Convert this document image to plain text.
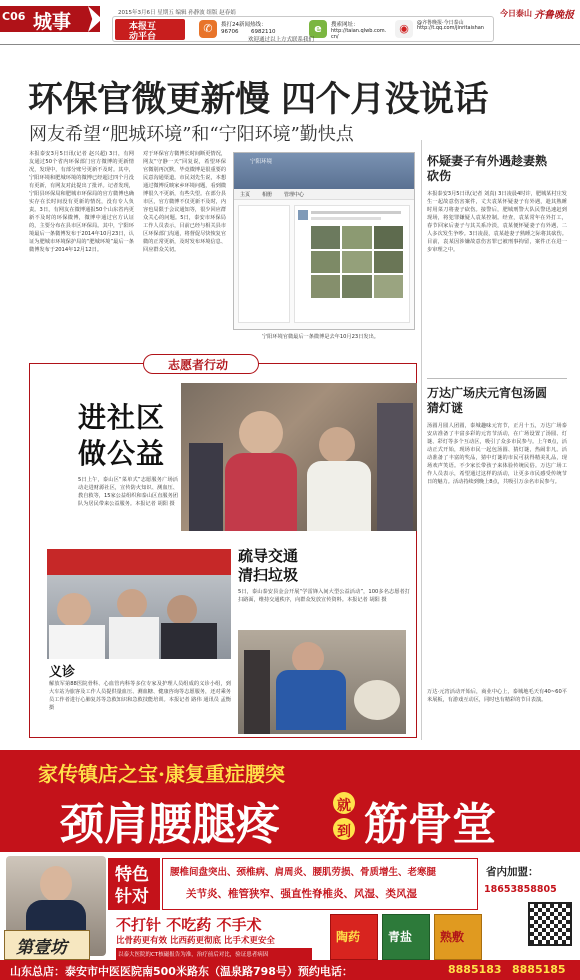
C06 城事	2015年3月6日 星期五 编辑 孙静波 组版 赵春娟
本报互
动平台
✆	拨打24新闻热线：
96706 6982110	e	搜索网址：
http://taian.qlwb.com.cn/
◉	@齐鲁晚报·今日泰山
http://t.qq.com/jinritaishan
欢迎通过以上方式联系我们
今日泰山 齐鲁晚报
环保官微更新慢 四个月没说话
网友希望“肥城环境”和“宁阳环境”勤快点
本报泰安3月5日讯(记者 赵兴超) 3日，有网友通过50个省内环保部门官方微博的更新情况，发现中，有部分账号更新不及时。其中，宁阳环境和肥城环境的微博已经超过四个月没有更新，有网友对此提出了批评。记者发现，宁阳县环保局和肥城市环保局的官方微博也确实存在长时间没有更新的情况，没有专人负责。3日，有网友在微博通报50个山东省内更新不及时的环保微博，微博中通过官方认证的，主要分布在县市区环保局。其中，宁阳环境最后一条微博发布于2014年10月23日，认证为肥城市环境保护局的“肥城环境”最后一条微博发布于2014年12月12日。
对于环保官方微博长时间断更情况，网友“守静一天”回复说，希望环保官微别再沉默，毕竟微博是很重要的民意沟通渠道。市民刘先生说，本想通过微博反映家乡环境问题，看到微博很久不更新，有些失望。在部分县市区，官方微博不仅更新不及时，内容也局限于会议通知等，很少回应群众关心的问题。5日，泰安市环保局工作人员表示，目前已经与相关县市区环保部门沟通，将督促尽快恢复官微的正常更新，及时发布环境信息、回应群众关切。
宁阳环境
主页 相册 管理中心
宁阳环境官微最后一条微博是去年10月23日发出。
怀疑妻子有外遇趁妻熟砍伤
本报泰安3月5日讯(记者 刘真) 3日凌晨4时许，肥城某村庄发生一起故意伤害案件，丈夫袁某怀疑妻子有外遇，趁其熟睡时用菜刀将妻子砍伤。接警后，肥城刑警大队民警迅速赶到现场，将犯罪嫌疑人袁某控制。经查，袁某常年在外打工，春节回家后妻子与其关系冷淡，袁某便怀疑妻子有外遇，二人多次发生争吵。3日凌晨，袁某趁妻子熟睡之际将其砍伤。目前，袁某因涉嫌故意伤害罪已被刑事拘留，案件正在进一步审理之中。
万达广场庆元宵包汤圆猜灯谜
汤圆月圆人团圆，泰城趣味元宵节，正月十五，万达广场泰安店准备了丰富多彩的元宵节活动，在广场设置了汤圆、灯谜、彩灯等多个互动区，吸引了众多市民参与。上午8点，活动正式开始，现场市民一起包汤圆、猜灯谜，热闹非凡。活动准备了丰富的奖品，猜中灯谜的市民可获得精美礼品，现场欢声笑语。不少家长带孩子来体验传统民俗。万达广场工作人员表示，希望通过这样的活动，让更多市民感受传统节日的魅力。活动持续到晚上8点，共吸引万余名市民参与。
万达·元宵活动开始后，商业中心上，泰城地毛天有40~60平米展板，有游戏互动区，同时也有精彩的节目表演。
志愿者行动
进社区
做公益
5日上午，泰山区“菜单式”志愿服务广场活动走进财源社区，宣传防火知识、测血压、教自救等，15家公益组织和泰山区直服务团队为居民带来公益服务。本报记者 胡阳 摄
疏导交通
清扫垃圾
5日，泰山泰安县金会开展“学雷锋入间大型公益活动”，100多名志愿者打扫路面，维持交通秩序，向群众发放宣传资料。本报记者 胡阳 摄
义诊
解放军第88医院骨科、心血管内科等多位专家及护理人员组成的义诊小组，到大车站为旅客及工作人员提供量血压、测血糖、健康咨询等志愿服务，还对乘务员工作者进行心肺复苏等急救知识和急救技能培训。本报记者 路伟 通讯员 孟衡 摄
家传镇店之宝·康复重症腰突
颈肩腰腿疼	就
到 筋骨堂
第壹坊
特色
针对
腰椎间盘突出、颈椎病、肩周炎、腰肌劳损、骨质增生、老寒腿
关节炎、椎管狭窄、强直性脊椎炎、风湿、类风湿
省内加盟：
18653858805
不打针 不吃药 不手术
比骨药更有效 比西药更彻底 比手术更安全
以泰大医院的CT核磁报告为准，治疗前后对比，验证患者病因
陶药 青盐 熟敷
山东总店：泰安市中医医院南500米路东（温泉路798号）预约电话：	8885183 8885185
